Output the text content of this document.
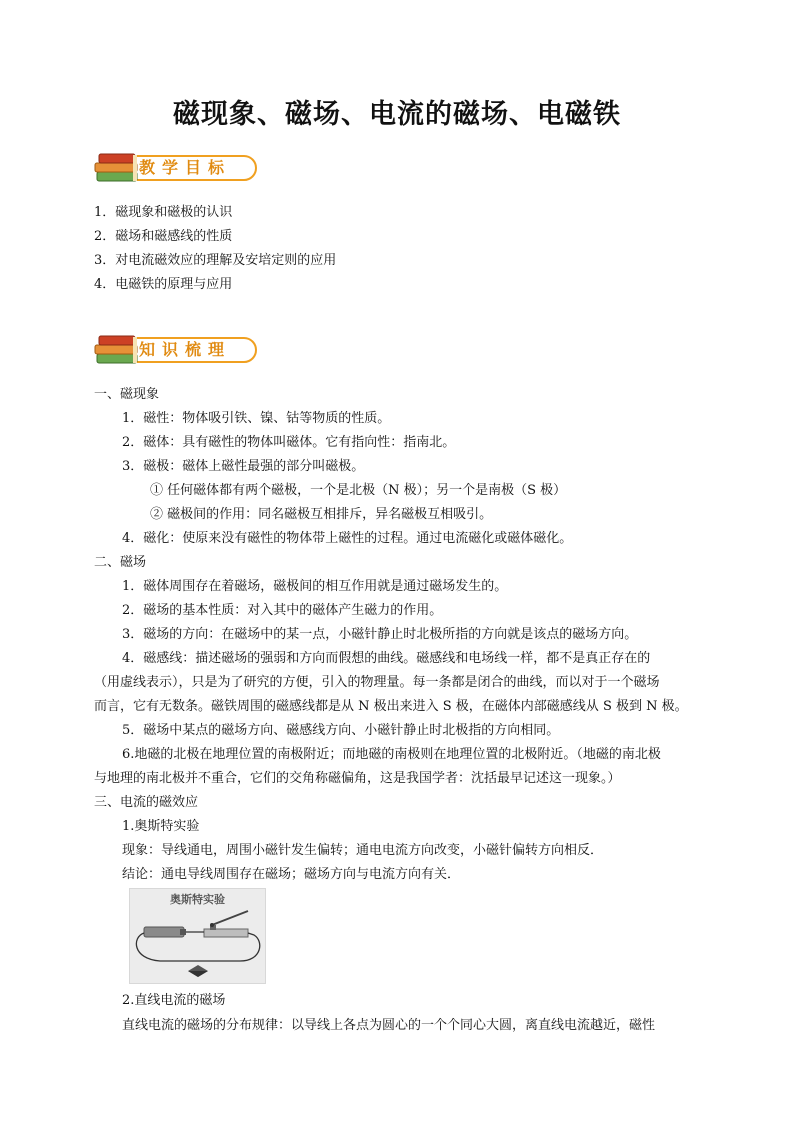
磁现象、磁场、电流的磁场、电磁铁
教学目标
1．磁现象和磁极的认识
2．磁场和磁感线的性质
3．对电流磁效应的理解及安培定则的应用
4．电磁铁的原理与应用
知识梳理
一、磁现象
1．磁性：物体吸引铁、镍、钴等物质的性质。
2．磁体：具有磁性的物体叫磁体。它有指向性：指南北。
3．磁极：磁体上磁性最强的部分叫磁极。
① 任何磁体都有两个磁极，一个是北极（N 极）；另一个是南极（S 极）
② 磁极间的作用：同名磁极互相排斥，异名磁极互相吸引。
4．磁化：使原来没有磁性的物体带上磁性的过程。通过电流磁化或磁体磁化。
二、磁场
1．磁体周围存在着磁场，磁极间的相互作用就是通过磁场发生的。
2．磁场的基本性质：对入其中的磁体产生磁力的作用。
3．磁场的方向：在磁场中的某一点，小磁针静止时北极所指的方向就是该点的磁场方向。
4．磁感线：描述磁场的强弱和方向而假想的曲线。磁感线和电场线一样，都不是真正存在的
（用虚线表示），只是为了研究的方便，引入的物理量。每一条都是闭合的曲线，而以对于一个磁场
而言，它有无数条。磁铁周围的磁感线都是从 N 极出来进入 S 极，在磁体内部磁感线从 S 极到 N 极。
5．磁场中某点的磁场方向、磁感线方向、小磁针静止时北极指的方向相同。
6.地磁的北极在地理位置的南极附近；而地磁的南极则在地理位置的北极附近。（地磁的南北极
与地理的南北极并不重合，它们的交角称磁偏角，这是我国学者：沈括最早记述这一现象。）
三、电流的磁效应
1.奥斯特实验
现象：导线通电，周围小磁针发生偏转；通电电流方向改变，小磁针偏转方向相反．
结论：通电导线周围存在磁场；磁场方向与电流方向有关．
奥斯特实验
2.直线电流的磁场
直线电流的磁场的分布规律：以导线上各点为圆心的一个个同心大圆，离直线电流越近，磁性
